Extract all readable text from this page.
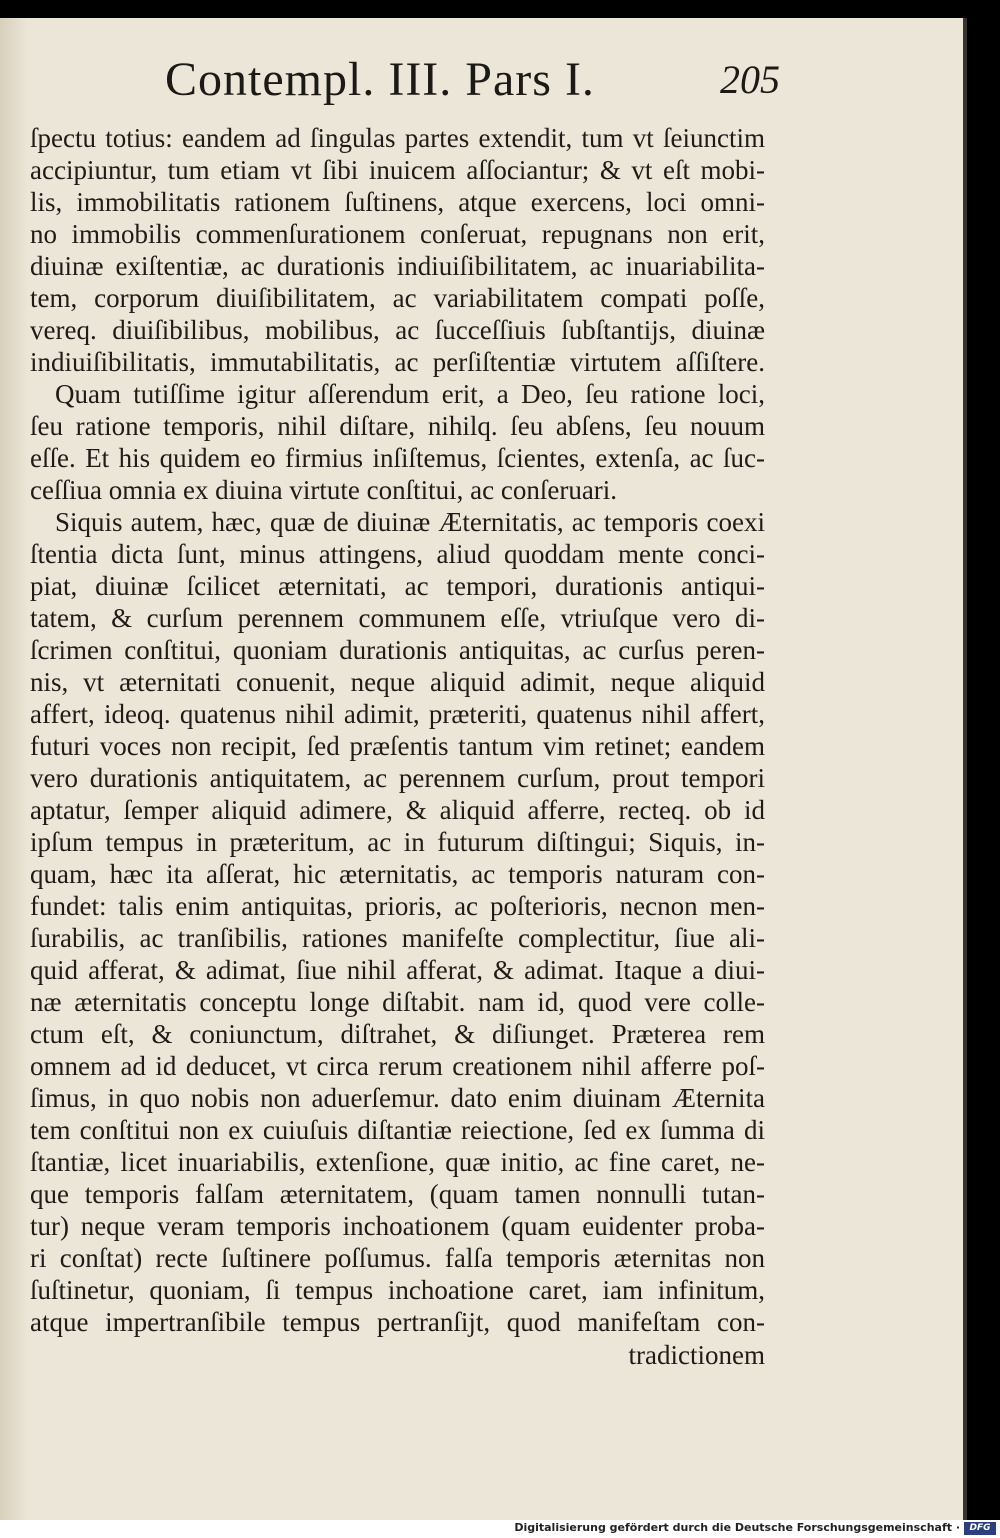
Contempl. III. Pars I.	205
ſpectu totius: eandem ad ſingulas partes extendit, tum vt ſeiunctim
accipiuntur, tum etiam vt ſibi inuicem aſſociantur; & vt eſt mobi-
lis, immobilitatis rationem ſuſtinens, atque exercens, loci omni-
no immobilis commenſurationem conſeruat, repugnans non erit,
diuinæ exiſtentiæ, ac durationis indiuiſibilitatem, ac inuariabilita-
tem, corporum diuiſibilitatem, ac variabilitatem compati poſſe,
vereq. diuiſibilibus, mobilibus, ac ſucceſſiuis ſubſtantijs, diuinæ
indiuiſibilitatis, immutabilitatis, ac perſiſtentiæ virtutem aſſiſtere.
Quam tutiſſime igitur aſſerendum erit, a Deo, ſeu ratione loci,
ſeu ratione temporis, nihil diſtare, nihilq. ſeu abſens, ſeu nouum
eſſe. Et his quidem eo firmius inſiſtemus, ſcientes, extenſa, ac ſuc-
ceſſiua omnia ex diuina virtute conſtitui, ac conſeruari.
Siquis autem, hæc, quæ de diuinæ Æternitatis, ac temporis coexi
ſtentia dicta ſunt, minus attingens, aliud quoddam mente conci-
piat, diuinæ ſcilicet æternitati, ac tempori, durationis antiqui-
tatem, & curſum perennem communem eſſe, vtriuſque vero di-
ſcrimen conſtitui, quoniam durationis antiquitas, ac curſus peren-
nis, vt æternitati conuenit, neque aliquid adimit, neque aliquid
affert, ideoq. quatenus nihil adimit, præteriti, quatenus nihil affert,
futuri voces non recipit, ſed præſentis tantum vim retinet; eandem
vero durationis antiquitatem, ac perennem curſum, prout tempori
aptatur, ſemper aliquid adimere, & aliquid afferre, recteq. ob id
ipſum tempus in præteritum, ac in futurum diſtingui; Siquis, in-
quam, hæc ita aſſerat, hic æternitatis, ac temporis naturam con-
fundet: talis enim antiquitas, prioris, ac poſterioris, necnon men-
ſurabilis, ac tranſibilis, rationes manifeſte complectitur, ſiue ali-
quid afferat, & adimat, ſiue nihil afferat, & adimat. Itaque a diui-
næ æternitatis conceptu longe diſtabit. nam id, quod vere colle-
ctum eſt, & coniunctum, diſtrahet, & diſiunget. Præterea rem
omnem ad id deducet, vt circa rerum creationem nihil afferre poſ-
ſimus, in quo nobis non aduerſemur. dato enim diuinam Æternita
tem conſtitui non ex cuiuſuis diſtantiæ reiectione, ſed ex ſumma di
ſtantiæ, licet inuariabilis, extenſione, quæ initio, ac fine caret, ne-
que temporis falſam æternitatem, (quam tamen nonnulli tutan-
tur) neque veram temporis inchoationem (quam euidenter proba-
ri conſtat) recte ſuſtinere poſſumus. falſa temporis æternitas non
ſuſtinetur, quoniam, ſi tempus inchoatione caret, iam infinitum,
atque impertranſibile tempus pertranſijt, quod manifeſtam con-
tradictionem
Digitalisierung gefördert durch die Deutsche Forschungsgemeinschaft ·	DFG
